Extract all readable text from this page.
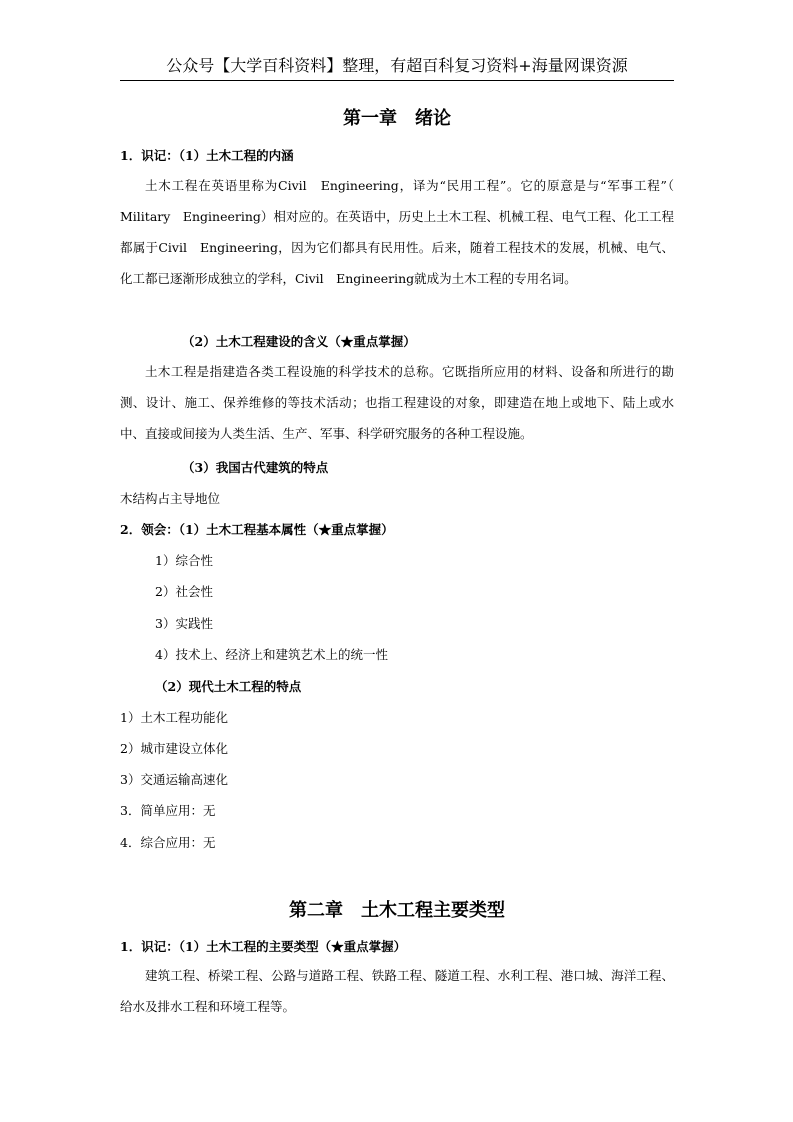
公众号【大学百科资料】整理，有超百科复习资料+海量网课资源
第一章　绪论
1．识记：（1）土木工程的内涵

土木工程在英语里称为Civil　Engineering，译为“民用工程”。它的原意是与“军事工程”（ Military　Engineering）相对应的。在英语中，历史上土木工程、机械工程、电气工程、化工工程都属于Civil　Engineering，因为它们都具有民用性。后来，随着工程技术的发展，机械、电气、化工都已逐渐形成独立的学科，Civil　Engineering就成为土木工程的专用名词。

（2）土木工程建设的含义（★重点掌握）

土木工程是指建造各类工程设施的科学技术的总称。它既指所应用的材料、设备和所进行的勘测、设计、施工、保养维修的等技术活动；也指工程建设的对象，即建造在地上或地下、陆上或水中、直接或间接为人类生活、生产、军事、科学研究服务的各种工程设施。

（3）我国古代建筑的特点
木结构占主导地位
2．领会：（1）土木工程基本属性（★重点掌握）
1）综合性
2）社会性
3）实践性
4）技术上、经济上和建筑艺术上的统一性
（2）现代土木工程的特点
1）土木工程功能化
2）城市建设立体化
3）交通运输高速化
3．简单应用：无
4．综合应用：无
第二章　土木工程主要类型
1．识记：（1）土木工程的主要类型（★重点掌握）

建筑工程、桥梁工程、公路与道路工程、铁路工程、隧道工程、水利工程、港口城、海洋工程、给水及排水工程和环境工程等。
